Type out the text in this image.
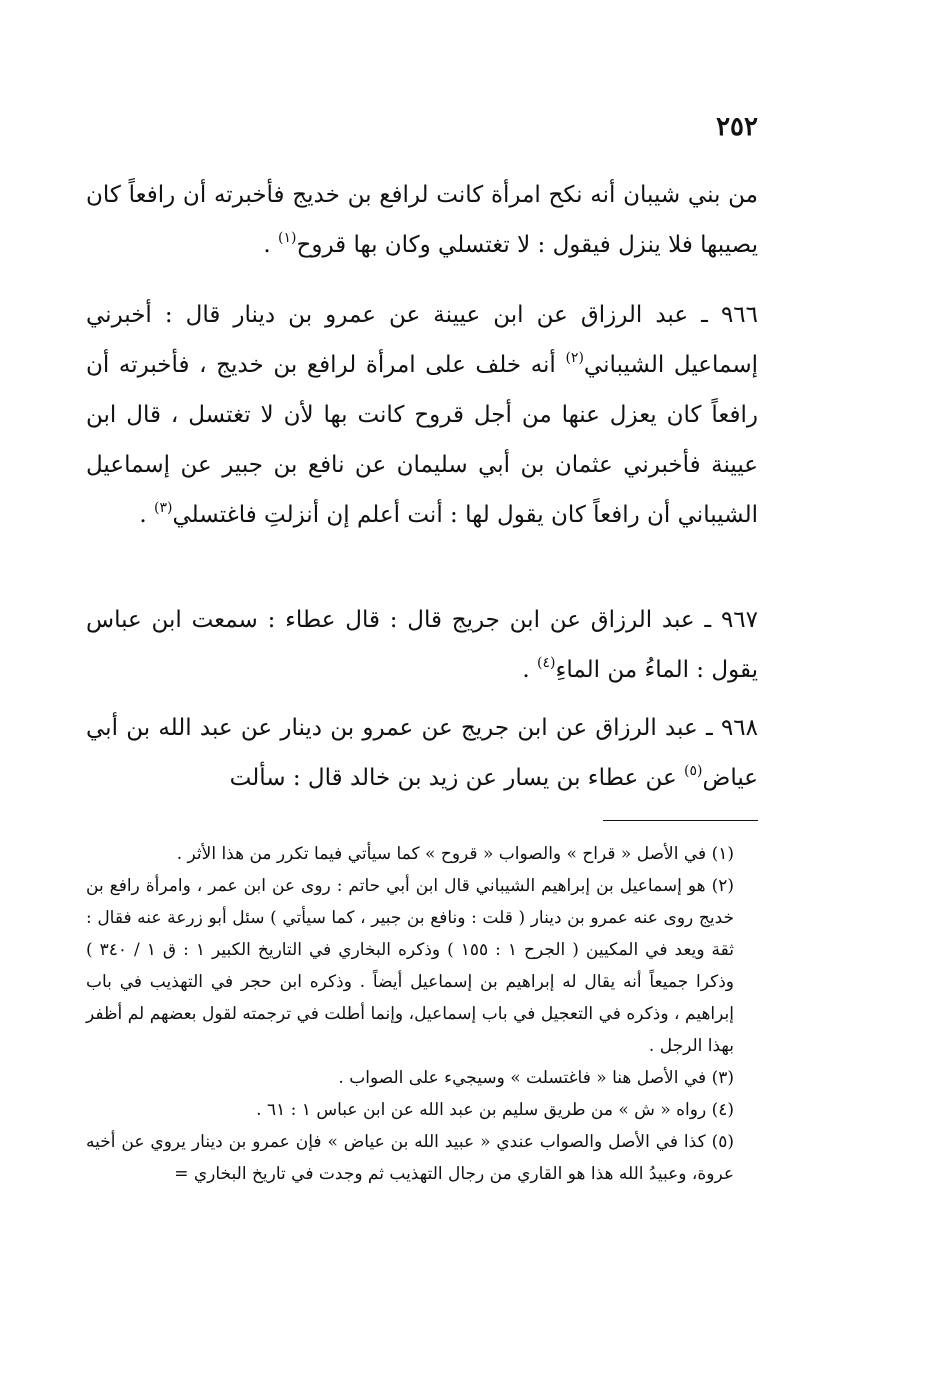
٢٥٢

من بني شيبان أنه نكح امرأة كانت لرافع بن خديج فأخبرته أن رافعاً كان يصيبها فلا ينزل فيقول : لا تغتسلي وكان بها قروح$^{(١)}$ .

٩٦٦ ـ عبد الرزاق عن ابن عيينة عن عمرو بن دينار قال : أخبرني إسماعيل الشيباني$^{(٢)}$ أنه خلف على امرأة لرافع بن خديج ، فأخبرته أن رافعاً كان يعزل عنها من أجل قروح كانت بها لأن لا تغتسل ، قال ابن عيينة فأخبرني عثمان بن أبي سليمان عن نافع بن جبير عن إسماعيل الشيباني أن رافعاً كان يقول لها : أنت أعلم إن أنزلتِ فاغتسلي$^{(٣)}$ .

٩٦٧ ـ عبد الرزاق عن ابن جريج قال : قال عطاء : سمعت ابن عباس يقول : الماءُ من الماءِ$^{(٤)}$ .

٩٦٨ ـ عبد الرزاق عن ابن جريج عن عمرو بن دينار عن عبد الله بن أبي عياض$^{(٥)}$ عن عطاء بن يسار عن زيد بن خالد قال : سألت

(١) في الأصل « قراح » والصواب « قروح » كما سيأتي فيما تكرر من هذا الأثر .

(٢) هو إسماعيل بن إبراهيم الشيباني قال ابن أبي حاتم : روى عن ابن عمر ، وامرأة رافع بن خديج روى عنه عمرو بن دينار ( قلت : ونافع بن جبير ، كما سيأتي ) سئل أبو زرعة عنه فقال : ثقة ويعد في المكيين ( الجرح ١ : ١٥٥ ) وذكره البخاري في التاريخ الكبير ١ : ق ١ / ٣٤٠ ) وذكرا جميعاً أنه يقال له إبراهيم بن إسماعيل أيضاً . وذكره ابن حجر في التهذيب في باب إبراهيم ، وذكره في التعجيل في باب إسماعيل، وإنما أطلت في ترجمته لقول بعضهم لم أظفر بهذا الرجل .

(٣) في الأصل هنا « فاغتسلت » وسيجيء على الصواب .

(٤) رواه « ش » من طريق سليم بن عبد الله عن ابن عباس ١ : ٦١ .

(٥) كذا في الأصل والصواب عندي « عبيد الله بن عياض » فإن عمرو بن دينار يروي عن أخيه عروة، وعبيدُ الله هذا هو القاري من رجال التهذيب ثم وجدت في تاريخ البخاري =
